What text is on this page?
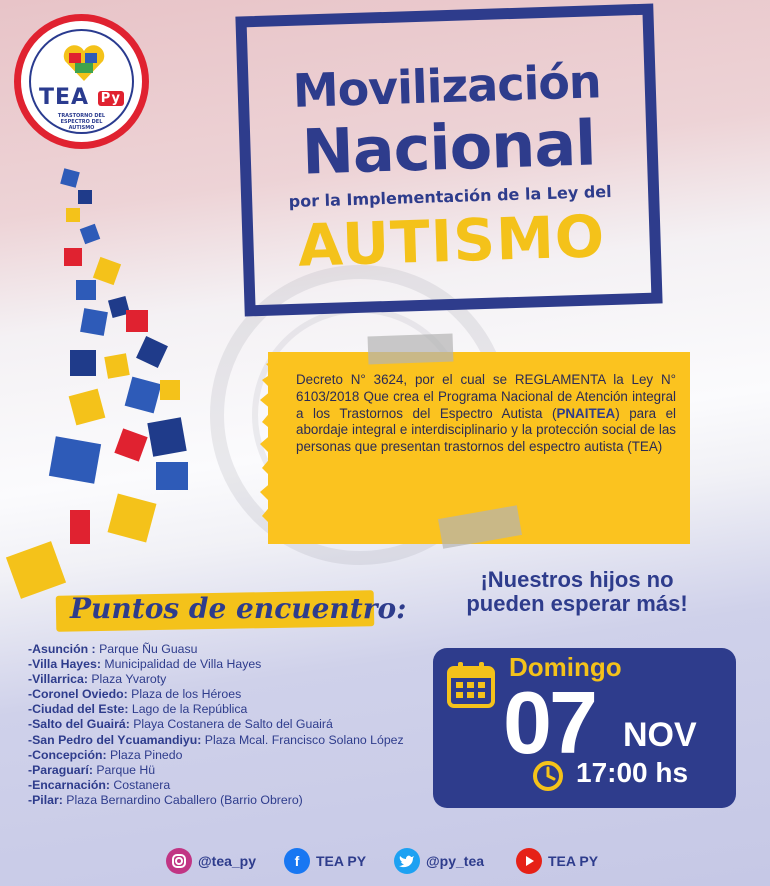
TEA Py
TRASTORNO DEL ESPECTRO DEL AUTISMO
Movilización
Nacional
por la Implementación de la Ley del
AUTISMO
Decreto N° 3624, por el cual se REGLAMENTA la Ley N° 6103/2018 Que crea el Programa Nacional de Atención integral a los Trastornos del Espectro Autista (PNAITEA) para el abordaje integral e interdisciplinario y la protección social de las personas que presentan trastornos del espectro autista (TEA)
¡Nuestros hijos no
pueden esperar más!
Puntos de encuentro:
-Asunción : Parque Ñu Guasu
-Villa Hayes: Municipalidad de Villa Hayes
-Villarrica: Plaza Yvaroty
-Coronel Oviedo: Plaza de los Héroes
-Ciudad del Este: Lago de la República
-Salto del Guairá: Playa Costanera de Salto del Guairá
-San Pedro del Ycuamandiyu: Plaza Mcal. Francisco Solano López
-Concepción: Plaza Pinedo
-Paraguarí: Parque Hü
-Encarnación: Costanera
-Pilar: Plaza Bernardino Caballero (Barrio Obrero)
Domingo
07 NOV
17:00 hs
@tea_py	f	TEA PY	@py_tea	TEA PY
